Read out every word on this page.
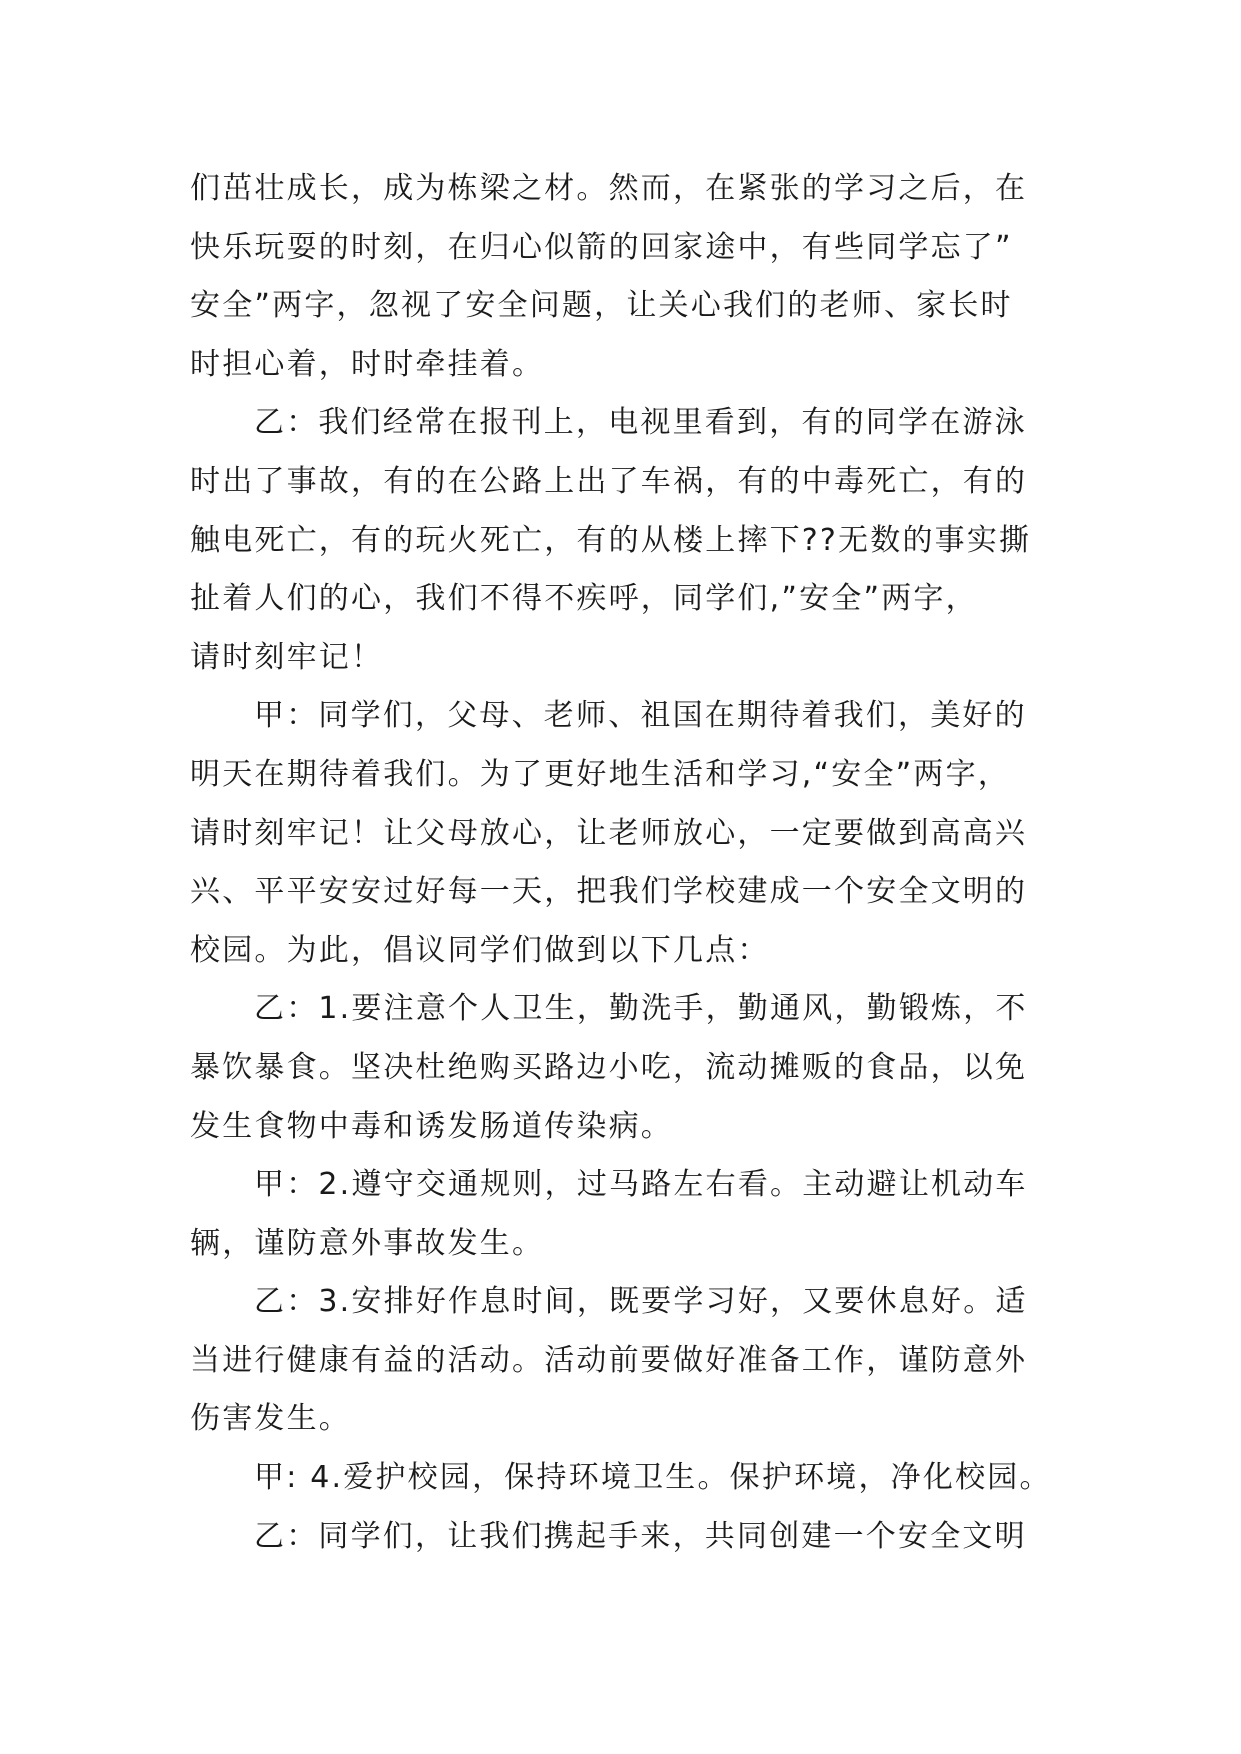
们茁壮成长，成为栋梁之材。然而，在紧张的学习之后，在
快乐玩耍的时刻，在归心似箭的回家途中，有些同学忘了”
安全”两字，忽视了安全问题，让关心我们的老师、家长时
时担心着，时时牵挂着。
乙：我们经常在报刊上，电视里看到，有的同学在游泳
时出了事故，有的在公路上出了车祸，有的中毒死亡，有的
触电死亡，有的玩火死亡，有的从楼上摔下??无数的事实撕
扯着人们的心，我们不得不疾呼，同学们,”安全”两字，
请时刻牢记！
甲：同学们，父母、老师、祖国在期待着我们，美好的
明天在期待着我们。为了更好地生活和学习,“安全”两字，
请时刻牢记！让父母放心，让老师放心，一定要做到高高兴
兴、平平安安过好每一天，把我们学校建成一个安全文明的
校园。为此，倡议同学们做到以下几点：
乙：1.要注意个人卫生，勤洗手，勤通风，勤锻炼，不
暴饮暴食。坚决杜绝购买路边小吃，流动摊贩的食品，以免
发生食物中毒和诱发肠道传染病。
甲：2.遵守交通规则，过马路左右看。主动避让机动车
辆，谨防意外事故发生。
乙：3.安排好作息时间，既要学习好，又要休息好。适
当进行健康有益的活动。活动前要做好准备工作，谨防意外
伤害发生。
甲: 4.爱护校园，保持环境卫生。保护环境，净化校园。
乙：同学们，让我们携起手来，共同创建一个安全文明
